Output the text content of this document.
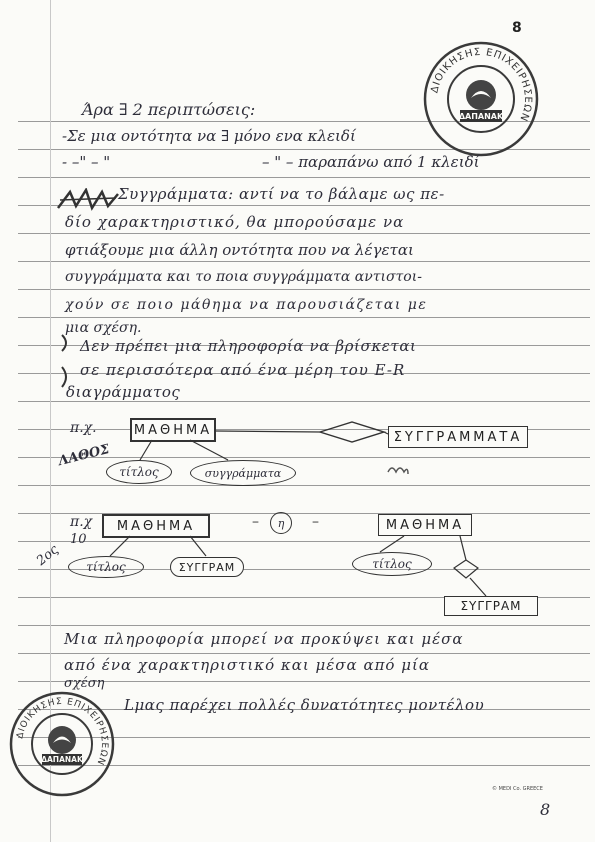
8
ΔΙΟΙΚΗΣΗΣ ΕΠΙΧΕΙΡΗΣΕΩΝ
ΔΑΠΑΝΑΚ
Άρα ∃ 2 περιπτώσεις:
-Σε μια οντότητα να ∃ μόνο ενα κλειδί
- –" – "	– " – παραπάνω από 1 κλειδί
Συγγράμματα: αντί να το βάλαμε ως πε-
δίο χαρακτηριστικό, θα μπορούσαμε να
φτιάξουμε μια άλλη οντότητα που να λέγεται
συγγράμματα και το ποια συγγράμματα αντιστοι-
χούν σε ποιο μάθημα να παρουσιάζεται με
μια σχέση.
Δεν πρέπει μια πληροφορία να βρίσκεται
σε περισσότερα από ένα μέρη του E-R
διαγράμματος
π.χ.
ΛΑΘΟΣ
ΜΑΘΗΜΑ	ΣΥΓΓΡΑΜΜΑΤΑ
τίτλος	συγγράμματα
π.χ
2ος
10
ΜΑΘΗΜΑ	–	η	–	ΜΑΘΗΜΑ
τίτλος	ΣΥΓΓΡΑΜ	τίτλος
ΣΥΓΓΡΑΜ
Μια πληροφορία μπορεί να προκύψει και μέσα
από ένα χαρακτηριστικό και μέσα από μία
σχέση
Lμας παρέχει πολλές δυνατότητες μοντέλου
ΔΙΟΙΚΗΣΗΣ ΕΠΙΧΕΙΡΗΣΕΩΝ
ΔΑΠΑΝΑΚ
© MEDI Co. GREECE
8
